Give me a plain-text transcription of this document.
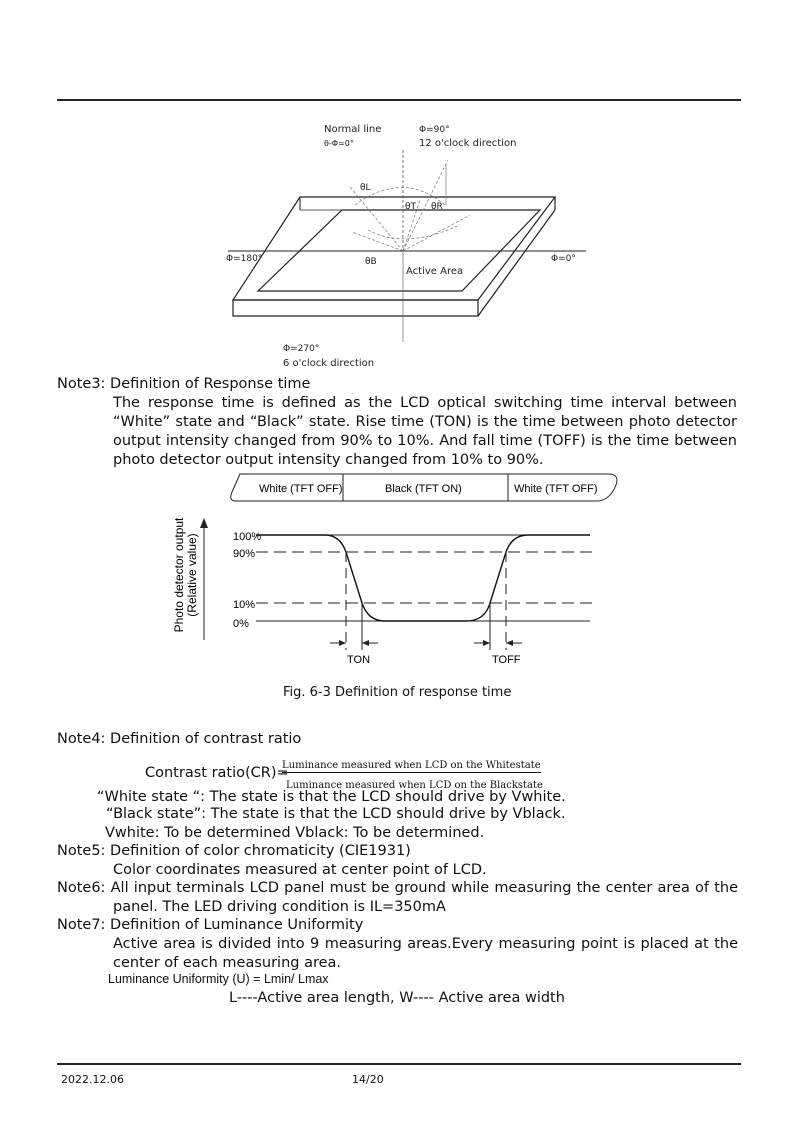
Normal line
θ-Φ=0°
Φ=90°
12 o'clock direction
θL
θT θR
θB
Φ=180°	Φ=0°
Active Area
Φ=270°
6 o'clock direction
Note3: Definition of Response time
The response time is defined as the LCD optical switching time interval between
“White” state and “Black” state. Rise time (TON) is the time between photo detector
output intensity changed from 90% to 10%. And fall time (TOFF) is the time between
photo detector output intensity changed from 10% to 90%.
White (TFT OFF)	Black (TFT ON)	White (TFT OFF)
Photo detector output (Relative value)	100%
90%
10%
0%
TON	TOFF
Fig. 6-3 Definition of response time
Note4: Definition of contrast ratio
Contrast ratio(CR)=
Luminance measured when LCD on the Whitestate
Luminance measured when LCD on the Blackstate
“White state “: The state is that the LCD should drive by Vwhite.
“Black state”: The state is that the LCD should drive by Vblack.
Vwhite: To be determined Vblack: To be determined.
Note5: Definition of color chromaticity (CIE1931)
Color coordinates measured at center point of LCD.
Note6: All input terminals LCD panel must be ground while measuring the center area of the
panel. The LED driving condition is IL=350mA
Note7: Definition of Luminance Uniformity
Active area is divided into 9 measuring areas.Every measuring point is placed at the
center of each measuring area.
Luminance Uniformity (U) = Lmin/ Lmax
L----Active area length, W---- Active area width
2022.12.06	14/20
